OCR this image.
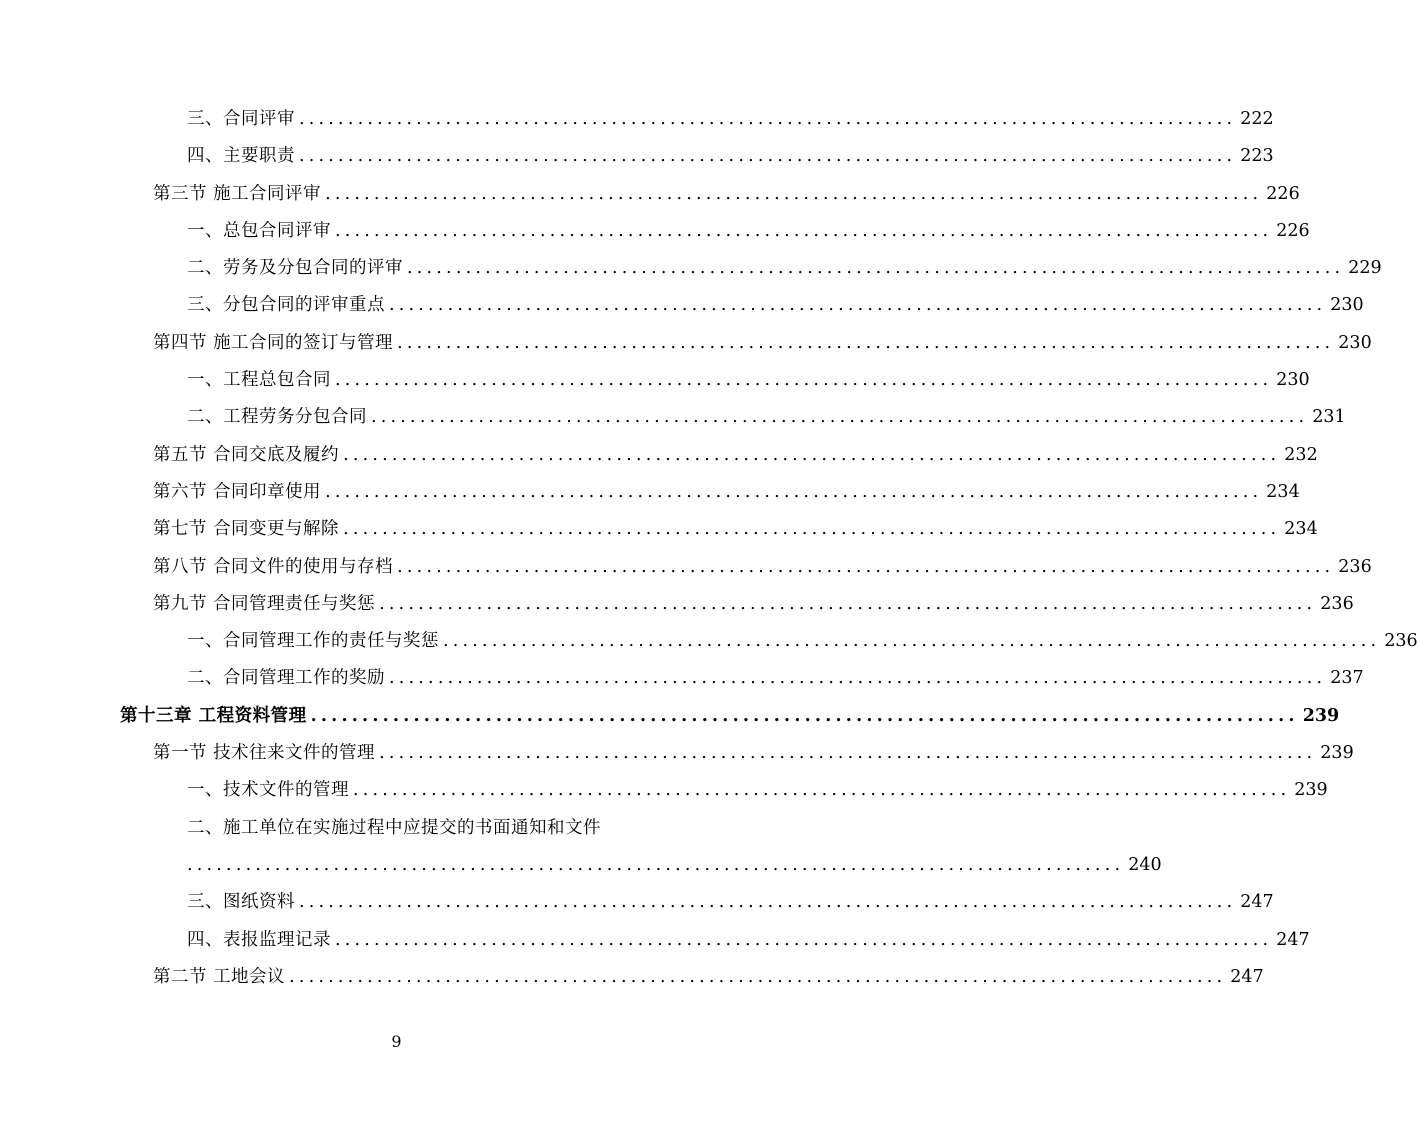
三、合同评审 ................................................................................................ 222
四、主要职责 ................................................................................................ 223
第三节 施工合同评审 ................................................................................................ 226
一、总包合同评审 ................................................................................................ 226
二、劳务及分包合同的评审 ................................................................................................ 229
三、分包合同的评审重点 ................................................................................................ 230
第四节 施工合同的签订与管理 ................................................................................................ 230
一、工程总包合同 ................................................................................................ 230
二、工程劳务分包合同 ................................................................................................ 231
第五节 合同交底及履约 ................................................................................................ 232
第六节 合同印章使用 ................................................................................................ 234
第七节 合同变更与解除 ................................................................................................ 234
第八节 合同文件的使用与存档 ................................................................................................ 236
第九节 合同管理责任与奖惩 ................................................................................................ 236
一、合同管理工作的责任与奖惩 ................................................................................................ 236
二、合同管理工作的奖励 ................................................................................................ 237
第十三章 工程资料管理 ................................................................................................ 239
第一节 技术往来文件的管理 ................................................................................................ 239
一、技术文件的管理 ................................................................................................ 239
二、施工单位在实施过程中应提交的书面通知和文件
................................................................................................ 240
三、图纸资料 ................................................................................................ 247
四、表报监理记录 ................................................................................................ 247
第二节 工地会议 ................................................................................................ 247
9
